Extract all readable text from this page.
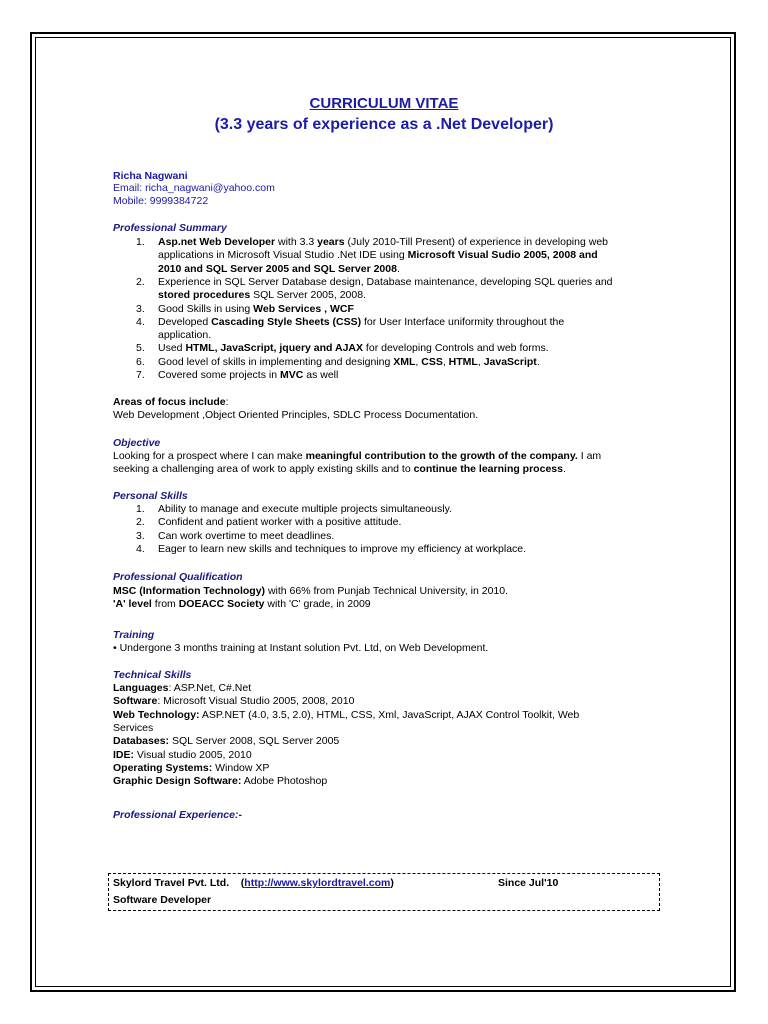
CURRICULUM VITAE
(3.3 years of experience as a .Net Developer)
Richa Nagwani
Email: richa_nagwani@yahoo.com
Mobile: 9999384722
Professional Summary
1. Asp.net Web Developer with 3.3 years (July 2010-Till Present) of experience in developing web
applications in Microsoft Visual Studio .Net IDE using Microsoft Visual Sudio 2005, 2008 and
2010 and SQL Server 2005 and SQL Server 2008.
2. Experience in SQL Server Database design, Database maintenance, developing SQL queries and
stored procedures SQL Server 2005, 2008.
3. Good Skills in using Web Services , WCF
4. Developed Cascading Style Sheets (CSS) for User Interface uniformity throughout the
application.
5. Used HTML, JavaScript, jquery and AJAX for developing Controls and web forms.
6. Good level of skills in implementing and designing XML, CSS, HTML, JavaScript.
7. Covered some projects in MVC as well
Areas of focus include:
Web Development ,Object Oriented Principles, SDLC Process Documentation.
Objective
Looking for a prospect where I can make meaningful contribution to the growth of the company. I am
seeking a challenging area of work to apply existing skills and to continue the learning process.
Personal Skills
1. Ability to manage and execute multiple projects simultaneously.
2. Confident and patient worker with a positive attitude.
3. Can work overtime to meet deadlines.
4. Eager to learn new skills and techniques to improve my efficiency at workplace.
Professional Qualification
MSC (Information Technology) with 66% from Punjab Technical University, in 2010.
'A' level from DOEACC Society with 'C' grade, in 2009
Training
• Undergone 3 months training at Instant solution Pvt. Ltd, on Web Development.
Technical Skills
Languages: ASP.Net, C#.Net
Software: Microsoft Visual Studio 2005, 2008, 2010
Web Technology: ASP.NET (4.0, 3.5, 2.0), HTML, CSS, Xml, JavaScript, AJAX Control Toolkit, Web
Services
Databases: SQL Server 2008, SQL Server 2005
IDE: Visual studio 2005, 2010
Operating Systems: Window XP
Graphic Design Software: Adobe Photoshop
Professional Experience:-
Skylord Travel Pvt. Ltd. (http://www.skylordtravel.com)	Since Jul'10
Software Developer
